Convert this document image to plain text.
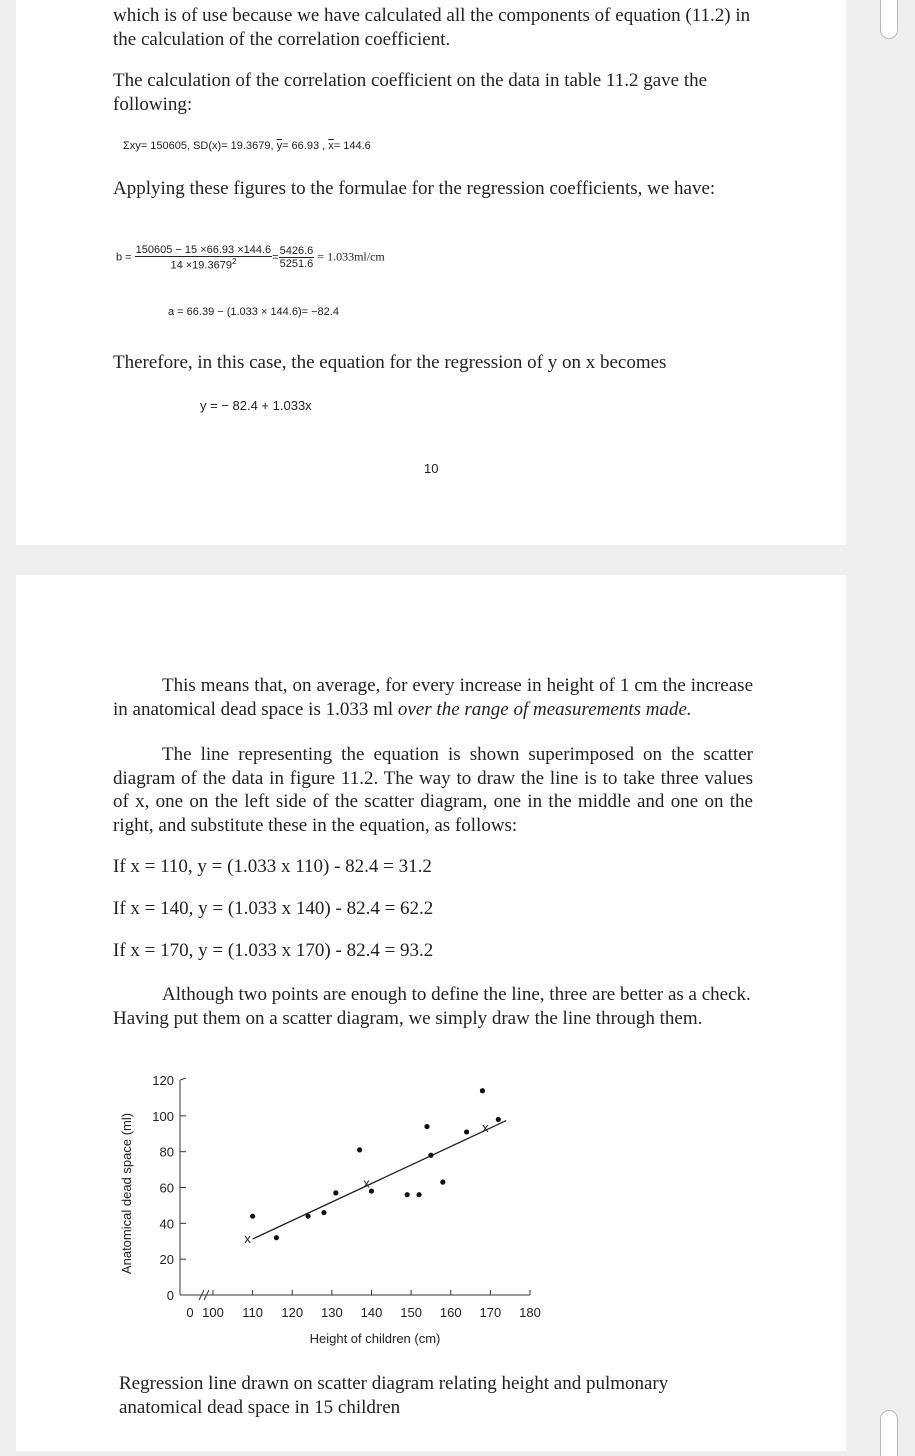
which is of use because we have calculated all the components of equation (11.2) in the calculation of the correlation coefficient.

The calculation of the correlation coefficient on the data in table 11.2 gave the following:

Σxy= 150605, SD(x)= 19.3679, $\overline{y}= 66.93$ , $\overline{x}= 144.6$

Applying these figures to the formulae for the regression coefficients, we have:

$b = \frac{150605 - 15 \times 66.93 \times 144.6}{14 \times 19.3679^2} = \frac{5426.6}{5251.6} = 1.033ml/cm$
a = 66.39 − (1.033 × 144.6)= −82.4

Therefore, in this case, the equation for the regression of y on x becomes

y = − 82.4 + 1.033x
10

This means that, on average, for every increase in height of 1 cm the increase in anatomical dead space is 1.033 ml over the range of measurements made.

The line representing the equation is shown superimposed on the scatter diagram of the data in figure 11.2. The way to draw the line is to take three values of x, one on the left side of the scatter diagram, one in the middle and one on the right, and substitute these in the equation, as follows:

If x = 110, y = (1.033 x 110) - 82.4 = 31.2

If x = 140, y = (1.033 x 140) - 82.4 = 62.2

If x = 170, y = (1.033 x 170) - 82.4 = 93.2

Although two points are enough to define the line, three are better as a check. Having put them on a scatter diagram, we simply draw the line through them.

0
20
40
60
80
100
120
0 100 110 120 130 140 150 160 170 180
Height of children (cm)
Anatomical dead space (ml)	x
x
x

Regression line drawn on scatter diagram relating height and pulmonary anatomical dead space in 15 children
